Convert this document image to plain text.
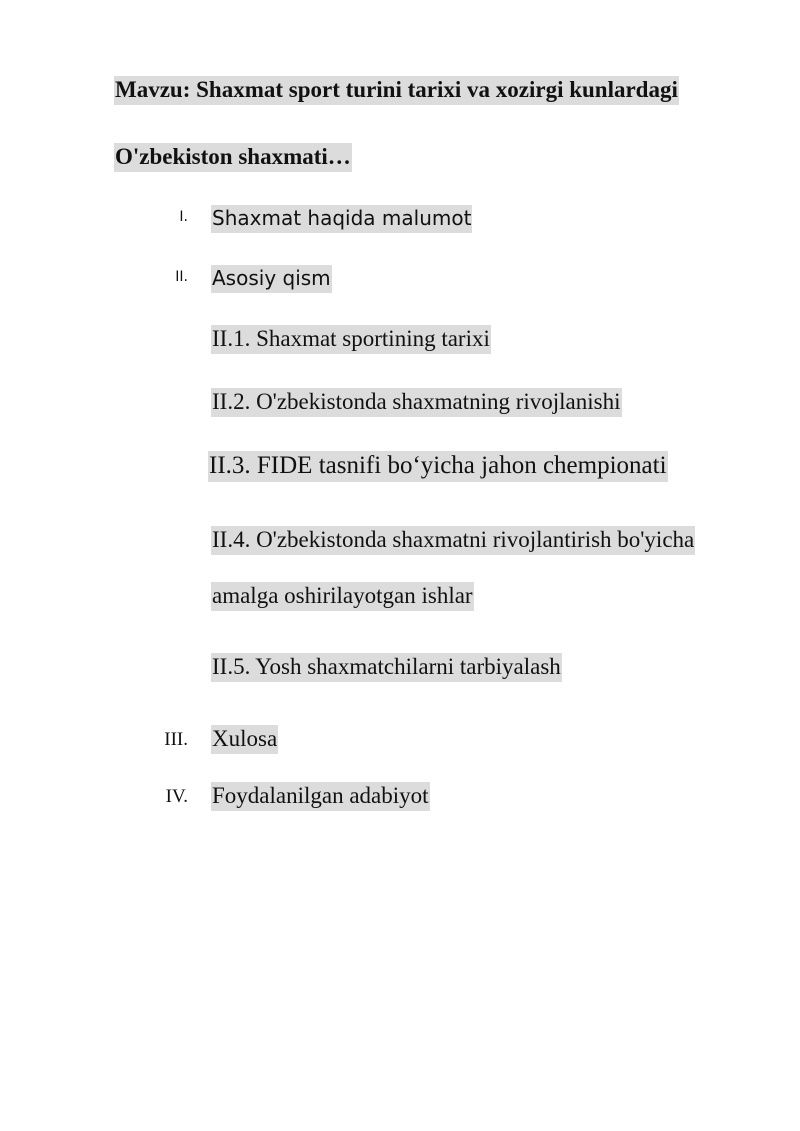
Mavzu: Shaxmat sport turini tarixi va xozirgi kunlardagi
O'zbekiston shaxmati…
I. Shaxmat haqida malumot
II. Asosiy qism
II.1. Shaxmat sportining tarixi
II.2. O'zbekistonda shaxmatning rivojlanishi
II.3. FIDE tasnifi bo‘yicha jahon chempionati
II.4. O'zbekistonda shaxmatni rivojlantirish bo'yicha
amalga oshirilayotgan ishlar
II.5. Yosh shaxmatchilarni tarbiyalash
III. Xulosa
IV. Foydalanilgan adabiyot
